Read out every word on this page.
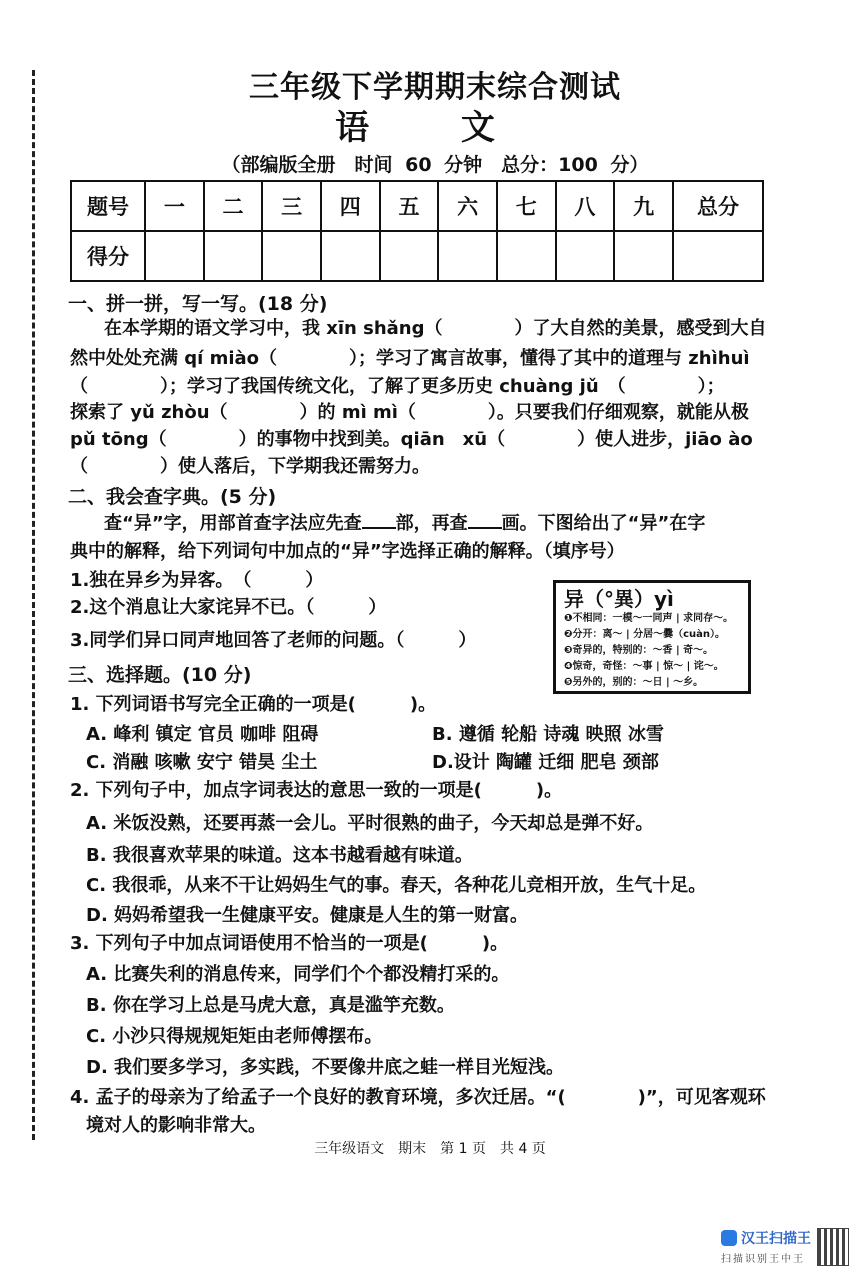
三年级下学期期末综合测试
语 文
（部编版全册　时间 60 分钟　总分：100 分）
题号	一	二	三	四	五	六	七	八	九	总分
得分										
一、拼一拼，写一写。(18 分)
在本学期的语文学习中，我 xīn shǎng（　　　　）了大自然的美景，感受到大自
然中处处充满 qí miào（　　　　）；学习了寓言故事，懂得了其中的道理与 zhìhuì
（　　　　）；学习了我国传统文化，了解了更多历史 chuàng jǔ　（　　　　）；
探索了 yǔ zhòu（　　　　）的 mì mì（　　　　）。只要我们仔细观察，就能从极
pǔ tōng（　　　　）的事物中找到美。qiān　xū（　　　　）使人进步，jiāo ào
（　　　　）使人落后，下学期我还需努力。
二、我会查字典。(5 分)
查“异”字，用部首查字法应先查 部，再查 画。下图给出了“异”在字
典中的解释，给下列词句中加点的“异”字选择正确的解释。（填序号）
1.独在异乡为异客。　（　　　）
2.这个消息让大家诧异不已。（　　　）
3.同学们异口同声地回答了老师的问题。（　　　）
异（°異）yì
❶不相同：一模～一同声 | 求同存～。
❷分开：离～ | 分居～爨（cuàn）。
❸奇异的，特别的：～香 | 奇～。
❹惊奇，奇怪：～事 | 惊～ | 诧～。
❺另外的，别的：～日 | ～乡。
三、选择题。(10 分)
1. 下列词语书写完全正确的一项是(　　　)。
A. 峰利 镇定 官员 咖啡 阻碍	B. 遵循 轮船 诗魂 映照 冰雪
C. 消融 咳嗽 安宁 错昊 尘土	D.设计 陶罐 迁细 肥皂 颈部
2. 下列句子中，加点字词表达的意思一致的一项是(　　　)。
A. 米饭没熟，还要再蒸一会儿。平时很熟的曲子，今天却总是弹不好。
B. 我很喜欢苹果的味道。这本书越看越有味道。
C. 我很乖，从来不干让妈妈生气的事。春天，各种花儿竞相开放，生气十足。
D. 妈妈希望我一生健康平安。健康是人生的第一财富。
3. 下列句子中加点词语使用不恰当的一项是(　　　)。
A. 比赛失利的消息传来，同学们个个都没精打采的。
B. 你在学习上总是马虎大意，真是滥竽充数。
C. 小沙只得规规矩矩由老师傅摆布。
D. 我们要多学习，多实践，不要像井底之蛙一样目光短浅。
4. 孟子的母亲为了给孟子一个良好的教育环境，多次迁居。“(　　　　)”，可见客观环
境对人的影响非常大。
三年级语文　期末　第 1 页　共 4 页
汉王扫描王
扫描识别王中王
